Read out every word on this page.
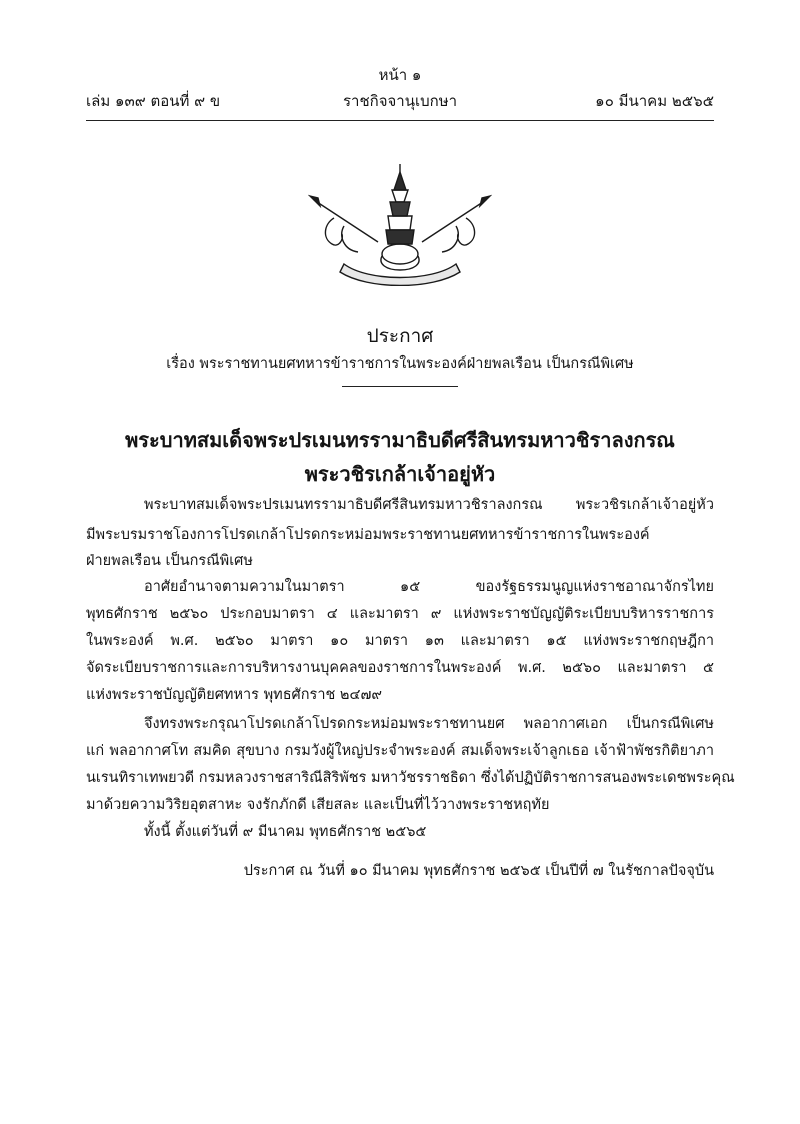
หน้า ๑
เล่ม ๑๓๙ ตอนที่ ๙ ข	ราชกิจจานุเบกษา	๑๐ มีนาคม ๒๕๖๕
ประกาศ
เรื่อง พระราชทานยศทหารข้าราชการในพระองค์ฝ่ายพลเรือน เป็นกรณีพิเศษ
พระบาทสมเด็จพระปรเมนทรรามาธิบดีศรีสินทรมหาวชิราลงกรณ
พระวชิรเกล้าเจ้าอยู่หัว
พระบาทสมเด็จพระปรเมนทรรามาธิบดีศรีสินทรมหาวชิราลงกรณ พระวชิรเกล้าเจ้าอยู่หัว
มีพระบรมราชโองการโปรดเกล้าโปรดกระหม่อมพระราชทานยศทหารข้าราชการในพระองค์
ฝ่ายพลเรือน เป็นกรณีพิเศษ
อาศัยอำนาจตามความในมาตรา ๑๕ ของรัฐธรรมนูญแห่งราชอาณาจักรไทย
พุทธศักราช ๒๕๖๐ ประกอบมาตรา ๔ และมาตรา ๙ แห่งพระราชบัญญัติระเบียบบริหารราชการ
ในพระองค์ พ.ศ. ๒๕๖๐ มาตรา ๑๐ มาตรา ๑๓ และมาตรา ๑๕ แห่งพระราชกฤษฎีกา
จัดระเบียบราชการและการบริหารงานบุคคลของราชการในพระองค์ พ.ศ. ๒๕๖๐ และมาตรา ๕
แห่งพระราชบัญญัติยศทหาร พุทธศักราช ๒๔๗๙
จึงทรงพระกรุณาโปรดเกล้าโปรดกระหม่อมพระราชทานยศ พลอากาศเอก เป็นกรณีพิเศษ
แก่ พลอากาศโท สมคิด สุขบาง กรมวังผู้ใหญ่ประจำพระองค์ สมเด็จพระเจ้าลูกเธอ เจ้าฟ้าพัชรกิติยาภา
นเรนทิราเทพยวดี กรมหลวงราชสาริณีสิริพัชร มหาวัชรราชธิดา ซึ่งได้ปฏิบัติราชการสนองพระเดชพระคุณ
มาด้วยความวิริยอุตสาหะ จงรักภักดี เสียสละ และเป็นที่ไว้วางพระราชหฤทัย
ทั้งนี้ ตั้งแต่วันที่ ๙ มีนาคม พุทธศักราช ๒๕๖๕
ประกาศ ณ วันที่ ๑๐ มีนาคม พุทธศักราช ๒๕๖๕ เป็นปีที่ ๗ ในรัชกาลปัจจุบัน
